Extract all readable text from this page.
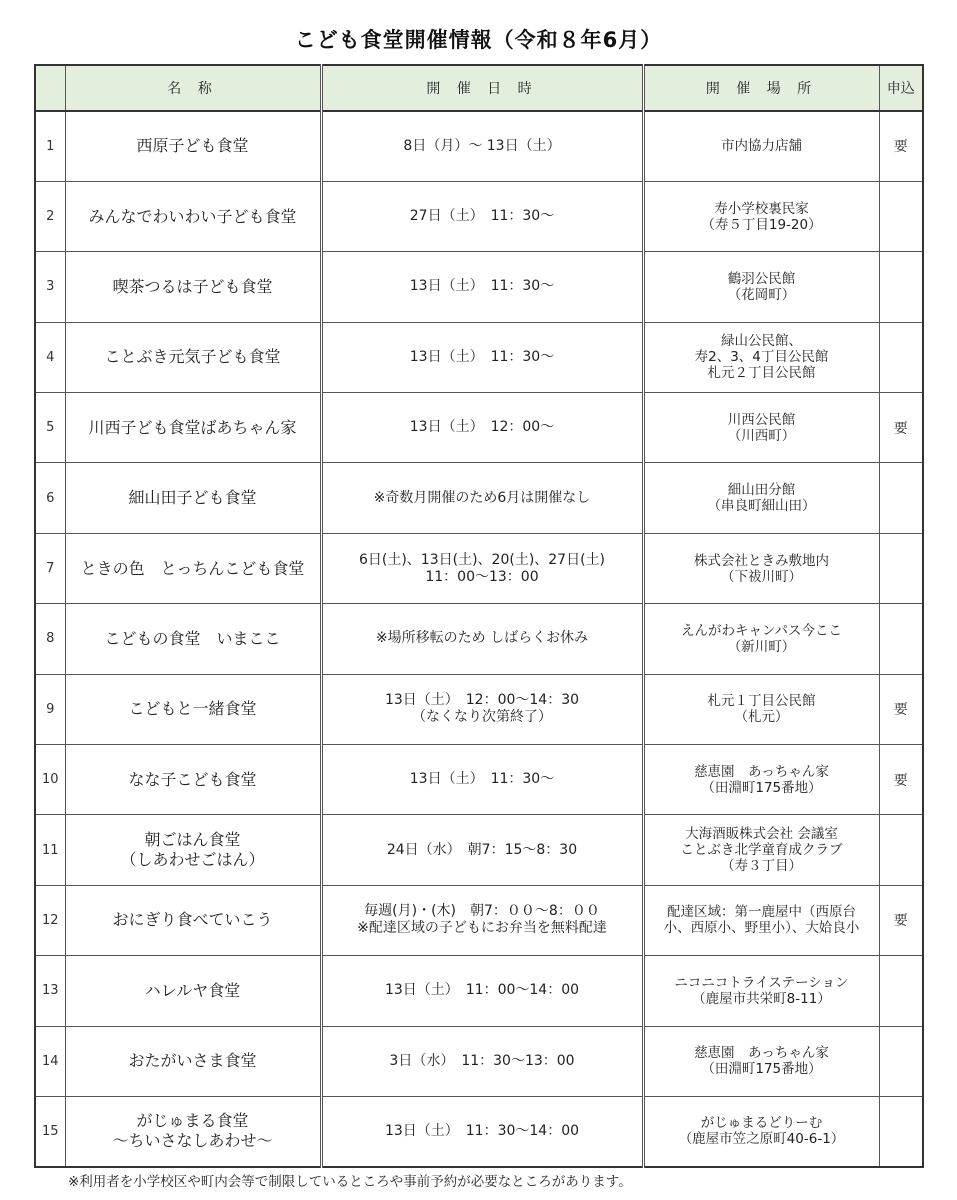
こども食堂開催情報（令和８年6月）
	名 称	開 催 日 時	開 催 場 所	申込
1	西原子ども食堂	8日（月）～ 13日（土）	市内協力店舗	要
2	みんなでわいわい子ども食堂	27日（土）　11：30～	寿小学校裏民家
（寿５丁目19-20）	

3	喫茶つるは子ども食堂	13日（土）　11：30～	鶴羽公民館
（花岡町）	

4	ことぶき元気子ども食堂	13日（土）　11：30～	緑山公民館、
寿2、3、4丁目公民館
札元２丁目公民館	

5	川西子ども食堂ばあちゃん家	13日（土）　12：00～	川西公民館
（川西町）	要
6	細山田子ども食堂	※奇数月開催のため6月は開催なし	細山田分館
（串良町細山田）	

7	ときの色　とっちんこども食堂	6日(土)、13日(土)、20(土)、27日(土)
11：00～13：00	株式会社ときみ敷地内
（下祓川町）	

8	こどもの食堂　いまここ	※場所移転のため しばらくお休み	えんがわキャンパス今ここ
（新川町）	

9	こどもと一緒食堂	13日（土）　12：00～14：30
（なくなり次第終了）	札元１丁目公民館
（札元）	要
10	なな子こども食堂	13日（土）　11：30～	慈恵園　あっちゃん家
（田淵町175番地）	要
11	朝ごはん食堂
（しあわせごはん）	24日（水）　朝7：15～8：30	大海酒販株式会社 会議室
ことぶき北学童育成クラブ
（寿３丁目）	

12	おにぎり食べていこう	毎週(月)・(木)　朝7：００～8：００
※配達区域の子どもにお弁当を無料配達	配達区域：第一鹿屋中（西原台
小、西原小、野里小）、大姶良小	要
13	ハレルヤ食堂	13日（土）　11：00～14：00	ニコニコトライステーション
（鹿屋市共栄町8-11）	

14	おたがいさま食堂	3日（水）　11：30～13：00	慈恵園　あっちゃん家
（田淵町175番地）	

15	がじゅまる食堂
～ちいさなしあわせ～	13日（土）　11：30～14：00	がじゅまるどりーむ
（鹿屋市笠之原町40-6-1）	

※利用者を小学校区や町内会等で制限しているところや事前予約が必要なところがあります。
